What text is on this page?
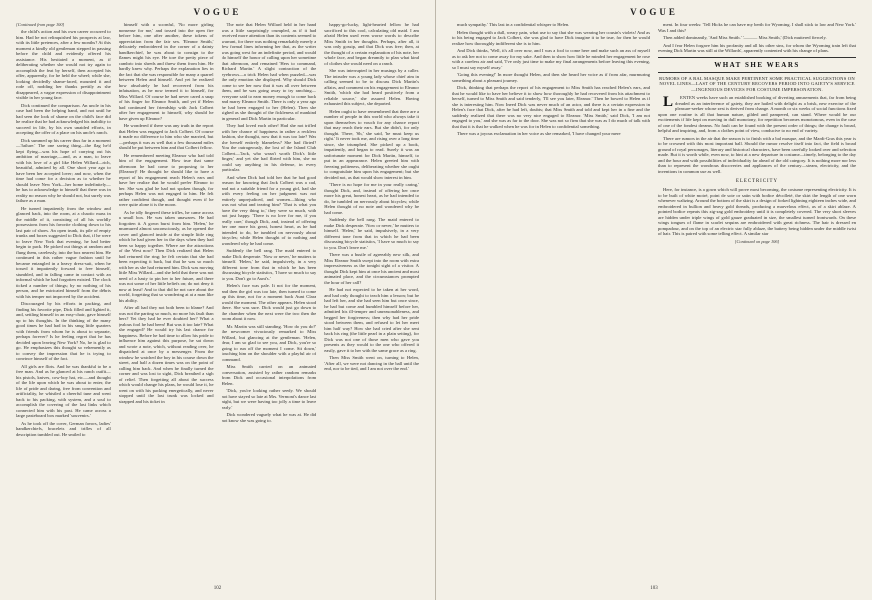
VOGUE
[Continued from page 100]

the child's action and his own career occurred to him. Had he not relinquished his prospects at law, with its little pretences, after a few months? At this moment a kindly old gentleman stepped in passing before the child and evidently offered his assistance. His hesitated a moment, as if deliberating whether she would not try again to accomplish the feat by herself, then accepted his offer, apparently, for he held the wheel; while she, looking decidedly shame-faced, mounted it and rode off, nodding her thanks prettily as she disappeared, a vague expression of disappointment visible in her young face.

Dick continued the comparison. An uncle in his case had been the helping hand, and not until he had seen the look of shame on the child's face did he realize that he had acknowledged his inability to succeed in life, by his own unaided efforts, in accepting the offer of a place on his uncle's ranch.

Dick summed up his career thus far in a moment—'failure.' The one saving thing—the flag he'd kept flying—was his hope of carrying out his ambition of marriage,—and, as a man, to leave with his love of a girl like Helen Willard—rich, beautiful, admired by all. One short year ago to have been her accepted lover; and now, when the time had come for a decision as to whether he should leave New York—her home indefinitely—he has to acknowledge to himself that there was in reality no reason why he should not, but surely was failure as a man.

He turned impatiently from the window and glanced back, into the room, at a chaotic mass in the middle of it, consisting of all his worldly possessions from his favorite clothing down to his last pair of shoes. An open trunk, its pile of empty trunks and boxes suggested to Dick that, if he were to leave New York that evening, he had better begin to pack. He picked out things at random and flung them, carelessly, into the box nearest him. He continued in this rather vague fashion until he became entangled in a heavy dress-suit, when he tossed it impatiently forward to free himself, stumbled, and in falling came in contact with an informal which he had forgotten existed. The clock ticked a number of things; by no nothing of his person, and he extricated himself from the débris with his temper not improved by the accident.

Discouraged by his efforts in packing, and finding his favorite pipe, Dick filled and lighted it, and, settling himself in an easy-chair, gave himself up to his thoughts. In the thinking of the many good times he had had in his snug little quarters with friends from whom he is about to separate, perhaps forever? Is he feeling regret that he has decided upon leaving New York? No, he is glad to go. He emphasizes this thought so vehemently as to convey the impression that he is trying to convince himself of the fact.

All girls are flirts. And he was thankful to be a free man. And as he glanced at his ranch outfit—his pistols, knives, cow-boy hat, etc.—and thought of the life upon which he was about to enter, the life of pride and daring, free from convention and artificiality, he whistled a cheerful tune and went back to his packing, with system, and a soul to accomplish the covering of the last links which connected him with his past. He came across a large pasteboard box marked 'souvenirs.'

As he took off the cover, German favors, ladies' handkerchiefs, bracelets and trifles of all description tumbled out. He smiled to

himself with a scornful, 'No more girling nonsense for me,' and tossed into the open fire before him, one after another, these tokens of appreciation from the fair sex. 'Eleanor Smith,' delicately embroidered in the corner of a dainty handkerchief, he was about to consign to the flames might his eye. He tore the pretty piece of cambric into shreds and threw them from him. He hardly knew why. Perhaps the explanation lies in the fact that she was responsible for many a quarrel between Helen and himself. And yet he realized how absolutely he had recovered from his infatuation, as he now termed it to himself, for Miss Willard. Of course he had never cared a snap of his finger for Eleanor Smith, and yet if Helen had continued her friendship with Jack Colbert after her engagement to himself, why should he have given up Eleanor?

He wondered if there was any truth in the report that Helen was engaged to Jack Colbert. Of course it made no difference to him who she married, but—perhaps it was as well that a few thousand miles should be put between him and that Colbert fellow.

He remembered meeting Eleanor who had told him of the engagement. How true that same afternoon he had come to proposing to her (Eleanor)! He thought he should like to have a report of his engagement reach Helen's ears and have her realize that he would prefer Eleanor to her. She was glad he had not spoken though, for perhaps Helen was not engaged to him. He felt rather confident though, and thought even if he were quite alone it is the moon.

As he idly fingered these trifles, he came across a small box. He was taken unawares. He had forgotten it. A gown burst from him. 'Helen,' he murmured almost unconsciously, as he opened the cover and glanced inside at the simple little ring which he had given her in the days when they had been so happy together. Where are the attractions of the West now? Then Dick realized that Helen had returned the ring; he felt certain that she had been expecting it back, but that he was so much with her as she had returned him. Dick was moving little Miss Willard—and she held that there was not need of a hasty to pin her to her future, and there was not some of her little beliefs on; do not deny it now at least! And to that did he not care about the world, forgetting that so wondering at at a man like his ability.

After all had they not both been to blame? And was not the parting so much, no more his fault than hers? Yet they had he ever doubted her? What a jealous fool he had been! But was it too late? What she engaged? He would try his last chance for happiness. Before he had time to allow his pride to influence him against this purpose, he sat down and wrote a note, which, without reading over, he dispatched at once by a messenger. From the window he watched the boy in his course down the street, and half a dozen times was on the point of calling him back. And when he finally turned the corner and was lost to sight, Dick breathed a sigh of relief. Then forgetting all about the success which would change his plans, he would lose it, he went on with his packing energetically, and never stopped until the last trunk was locked and strapped and his ticket in

The note that Helen Willard held in her hand was a little surprisingly crumpled, as if it had received more attention than its contents seemed to warrant, for there was nothing remarkably merely a few formal lines informing her that, as the writer was going west for an indefinite period, and would do himself the honor of calling upon her sometime that afternoon, and remained 'Hers to command, Richard Martin.' A slight contraction of the eyebrows—a trick Helen had when puzzled—was the only emotion she displayed. Why should Dick come to see her now that it was all over between them, and he was going away to try ranching—everyone said to earn money enough to come back and marry Eleanor Smith. There is only a year ago he had been engaged to her (Helen). Then she sighed as she thought of the fickleness of mankind in general and Dick Martin in particular.

They had loved each other! Had she not trifled with her chance of happiness in rather a reckless fashion, she thought, now that it was too late? Was she herself entirely blameless? She had flirted? You the outrageously, the lost of the Island Club Colbert—'Jack, who wasn't worth Dick's little finger,' and yet she had flirted with him, she no could say anything in his defense, in every particular.

And when Dick had told her that he had good reason for knowing that Jack Colbert was a cad, and not a suitable friend for a young girl, had she with every feeling on her judgment was not entirely unprejudiced, and women—liking who was not what and tearing him? 'That is what you have the very thing to,' they were so much, with not just happy. 'There is no love for me, if you really care,' though Dick, and, instead of offering her one more his great, honest heart, as he had intended to do, he tumbled on nervously about bicycles; while Helen thought of to nothing and wondered why he had come.

Suddenly the bell rang. The maid entered to make Dick desperate. 'Now or never,' he mutters to himself. 'Helen,' he said, impulsively, in a very different tone from that in which he has been discussing bicycle statistics, 'I have so much to say to you. Don't go to Aunt's.'

Helen's face was pale. It not for the moment, and then the girl was too late, then turned to come up this time, not for a moment back Aunt Clara would the moment. The other appears. Helen stood there. She was sure. Dick would just go down to the chamber when the next were the two then the room about it now.

Mr. Martin was still standing. 'How do you do?' the newcomer vivaciously remarked to Miss Willard, but glancing at the gentleman. 'Helen, dear, I am so glad to see you, and Dick, you're so going to run off the moment I come. Sit down,' touching him on the shoulder with a playful air of command.

Miss Smith carried on an animated conversation, assisted by rather random remarks from Dick and occasional interpolations from Helen.

'Dick, you're looking rather seedy. We should not have stayed so late at Mrs. Vermont's dance last night, but we were having too jolly a time to leave early.'

Dick wondered vaguely what he was at. He did not know she was going to.

happy-go-lucky, light-hearted fellow he had sacrificed to this cool, calculating old maid. I am afraid Helen used even worse words to describe Miss Smith in her thoughts. Perhaps, after all, it was only gossip, and that Dick was free; then, at the thought of a certain explanation of his note, her whole face, and began dreamily to plan what kind of clothes she would need on a ranch.

She was interrupted in her musings by a caller. The intruder was a young lady whose chief aim in calling seemed to be to discuss Dick Martin's affairs, and comment on his engagement to Eleanor Smith, 'which she had heard positively from a reliable source,' she assured Helen. Having exhausted this subject, she departed.

Helen ought to have remembered that there are a number of people in this world who always take it upon themselves to vouch for any chance report that may reach their ears. But she didn't, for only thought. There, 'Sh,' she said, 'he must keep us right.' It never took me, and rising over a long time since, she triumphed. She picked up a book, impatiently, and began to read. Surely it was an unfortunate moment for Dick Martin, himself, to put in an appearance. Helen greeted him with freezing politeness, deliberating whether she ought to congratulate him upon his engagement; but she decided not, as that would show interest in him.

'There is no hope for me in your really caring,' thought Dick, and, instead of offering her once more his great, honest heart, as he had intended to do, he tumbled on nervously about bicycles; while Helen thought of no note and wondered why he had come.

Suddenly the bell rang. The maid entered to make Dick desperate. 'Now or never,' he mutters to himself. 'Helen,' he said, impulsively, in a very different tone from that in which he had been discussing bicycle statistics, 'I have so much to say to you. Don't leave me.'

There was a bustle of agreeably new silk, and Miss Eleanor Smith swept into the room with extra impressiveness as the tonight sight of a visitor. A thought Dick kept him at once his ancient and most animated place, and the circumstances prompted the hour of her call?

He had not expected to be taken at her word, and had only thought to teach him a lesson; but he had left her, and she had seen him but once since, he had but come and humbled himself before her, admitted his ill-temper and unreasonableness, and begged her forgiveness; then why had her pride stood between them, and refused to let her meet him half way? How she had cried after she sent back his ring (the little pearl in a plain setting), for Dick was not one of those men who gave you presents as they would to the one who offered it easily, gave it to her with the same grace as a ring.

Then Miss Smith went on, turning to Helen, 'After all, we were not dancing in the ball until the end, nor to be tied, and I am not over the end.'

102
VOGUE

much sympathy.' This last in a confidential whisper to Helen.

Helen thought with a dull, weary pain, what use to say that she was wearing her cousin's violets! And as to his being engaged to Jack Colbert, she was glad to have Dick imagine it to be true, for then he would realize how thoroughly indifferent she is to him.

And Dick thinks, 'Well, it's all over now, and I was a fool to come here and make such an ass of myself as to ask her not to come away for my sake. And then to show how little he minded her engagement he rose with a careless air and said, 'I've only just time to make my final arrangements before leaving this evening, so I must say myself away.'

'Going this evening!' In more thought Helen, and then she heard her voice as if from afar, murmuring something about a pleasant journey.

Dick, thinking that perhaps the report of his engagement to Miss Smith has reached Helen's ears, and that he would like to have her believe it to show how thoroughly he had recovered from his attachment to herself, turned to Miss Smith and said tenderly, 'I'll see you later, Eleanor.' Then he bowed to Helen as if she is interesting him. Now Ineed Dick was never much of an actor, and there is a certain expression in Helen's face that Dick, after he had left, doubts; that Miss Smith and told and kept her in a fine and the suddenly realized that there was no very nice engaged to Eleanor. 'Miss Smith,' said Dick, 'I am not engaged to you,' and she was as far to the door. She was not so firm that she was as I do much of talk with that that it is that he walked when he was for in Helen to confidential something.

There was a joyous exclamation in her voice as she remarked, 'I have changed your mere

ment. In four weeks: 'Tell Hicks he can have my berth for Wyoming. I shall stick to law and New York.' Was I and this?

Then added dominantly, 'And Miss Smith.' '——— Miss Smith,' (Dick muttered fiercely.

And I fear Helen forgave him his profanity and all his other sins, for whom the Wyoming train left that evening Dick Martin was still at the Willards', apparently contented with his change of plans.

WHAT SHE WEARS
RUMORS OF A BAL MASQUE MAKE PERTINENT SOME PRACTICAL SUGGESTIONS ON NOVEL LINES—LAST OF THE CENTURY RECOVERS PERIOD INTO GAIETY'S SERVICE—INGENIOUS DEVICES FOR COSTUME IMPERSONATION.

L ENTEN weeks have such an established booking of diverting amusements that, far from being dreaded as an interference of gaiety, they are hailed with delight as a brisk, new exercise of the pleasure-seeker whose zest is derived from change. A month or six weeks of social functions fixed upon one routine is all that human nature, gilded and pampered, can stand. Where would be our excitements if life kept on moving in dull monotony, for repetition becomes monotonous, even in the case of one of the fondest dreams. No fault can be found with the present order of things; the change is broad, helpful and inspiring, and, from a clothes point of view, conducive to no end of variety.

There are rumors in the air that the season is to finish with a bal masque, and the Mardi-Gras this year is to be crowned with this most important ball. Should the rumor resolve itself into fact, the field is broad ground of royal personages, literary and historical characters, have been carefully looked over and selection made. But it is worth while, even now, to hint at a new departure in costume—timely, belonging to the day and the hour and with possibilities of individuality far ahead of the old category. It is nothing more nor less than to represent the wondrous discoveries and appliances of the century—steam, electricity, and the inventions in common use as well.

ELECTRICITY

Here, for instance, is a gown which will prove most becoming, the costume representing electricity. It is to be built of white moiré, point de soie or satin with bodice décolleté, the skirt the length of one worn whenever waltzing. Around the bottom of the skirt is a design of forked lightning eighteen inches wide, and embroidered in bullion and heavy gold threads, producing a marvelous effect, as of a skirt ablaze. A pointed bodice repeats this zig-zag gold embroidery until it is completely covered. The very short sleeves are hidden under triple wings of gold gauze graduated in size, the smallest turned frontwards. On these wings tongues of flame in scarlet sequins are embroidered with great richness. The hair is dressed en pompadour, and on the top of an electric star fully ablaze, the battery being hidden under the middle twist of hair. This is paired with some telling effect. A similar star

[Continued on page 106]
103
